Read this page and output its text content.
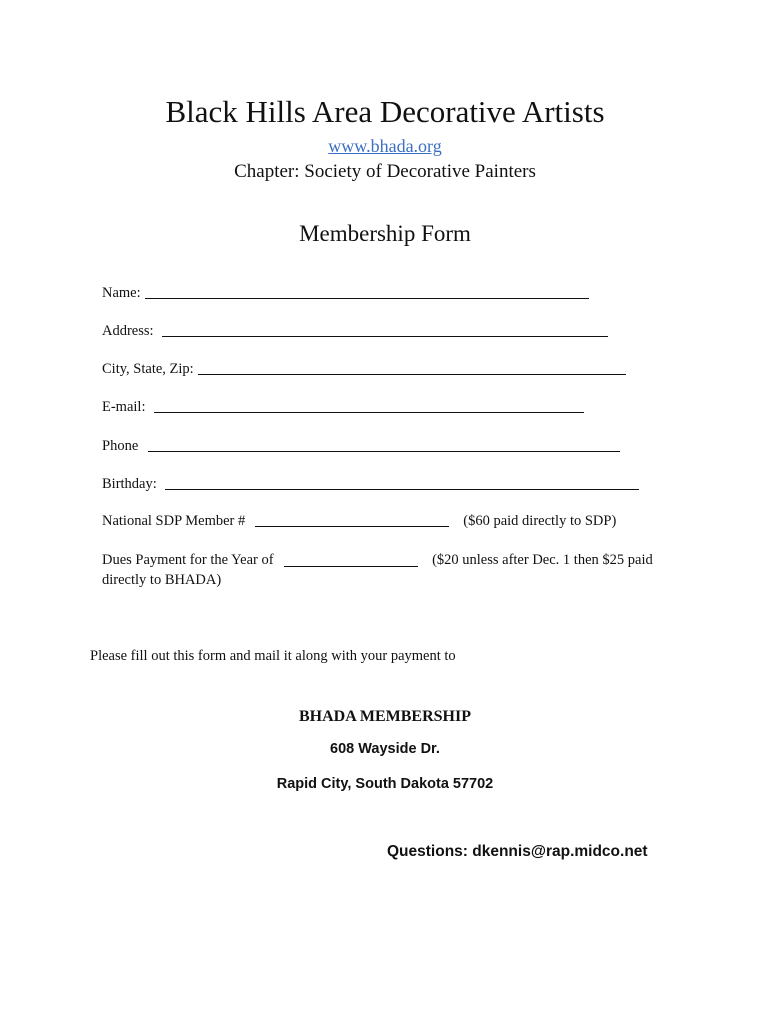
Black Hills Area Decorative Artists
www.bhada.org
Chapter: Society of Decorative Painters
Membership Form
Name:
Address:
City, State, Zip:
E-mail:
Phone
Birthday:
National SDP Member #	($60 paid directly to SDP)
Dues Payment for the Year of	($20 unless after Dec. 1 then $25 paid directly to BHADA)
Please fill out this form and mail it along with your payment to
BHADA MEMBERSHIP
608 Wayside Dr.
Rapid City, South Dakota 57702
Questions: dkennis@rap.midco.net
